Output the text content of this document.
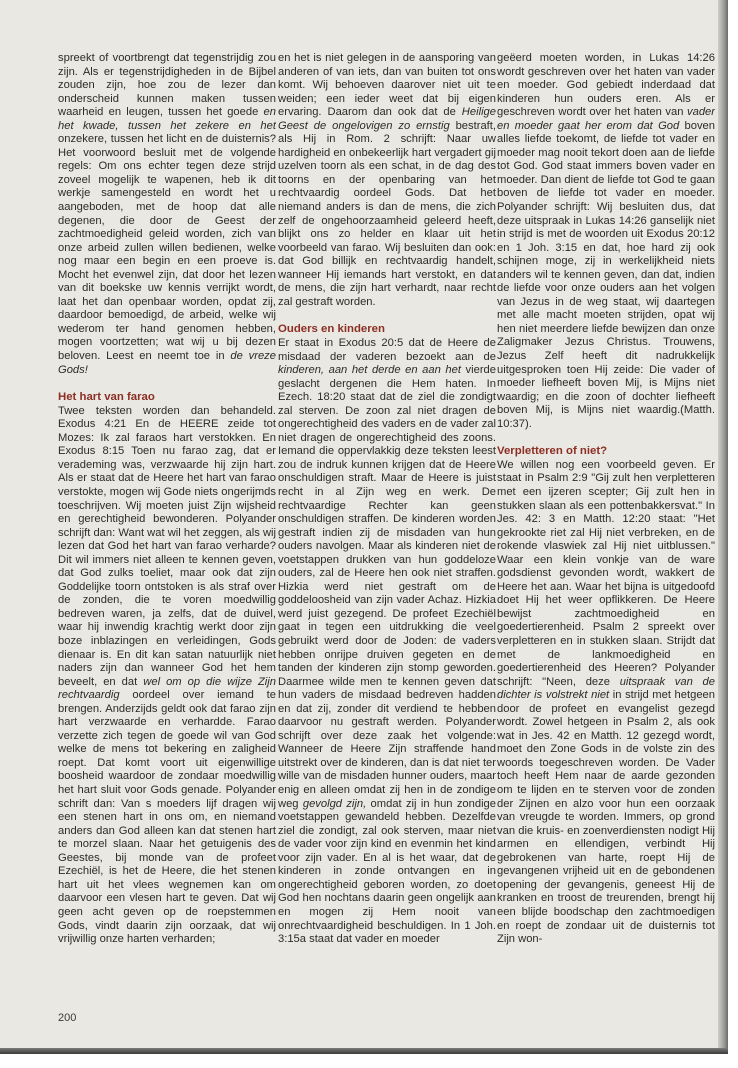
spreekt of voortbrengt dat tegenstrijdig zou zijn. Als er tegenstrijdigheden in de Bijbel zouden zijn, hoe zou de lezer dan onderscheid kunnen maken tussen waarheid en leugen, tussen het goede en het kwade, tussen het zekere en het onzekere, tussen het licht en de duisternis? Het voorwoord besluit met de volgende regels: Om ons echter tegen deze strijd zoveel mogelijk te wapenen, heb ik dit werkje samengesteld en wordt het u aangeboden, met de hoop dat alle degenen, die door de Geest der zachtmoedigheid geleid worden, zich van onze arbeid zullen willen bedienen, welke nog maar een begin en een proeve is. Mocht het evenwel zijn, dat door het lezen van dit boekske uw kennis verrijkt wordt, laat het dan openbaar worden, opdat zij, daardoor bemoedigd, de arbeid, welke wij wederom ter hand genomen hebben, mogen voortzetten; wat wij u bij dezen beloven. Leest en neemt toe in de vreze Gods!

Het hart van farao

Twee teksten worden dan behandeld. Exodus 4:21 En de HEERE zeide tot Mozes: Ik zal faraos hart verstokken. En Exodus 8:15 Toen nu farao zag, dat er verademing was, verzwaarde hij zijn hart. Als er staat dat de Heere het hart van farao verstokte, mogen wij Gode niets ongerijmds toeschrijven. Wij moeten juist Zijn wijsheid en gerechtigheid bewonderen. Polyander schrijft dan: Want wat wil het zeggen, als wij lezen dat God het hart van farao verharde? Dit wil immers niet alleen te kennen geven, dat God zulks toeliet, maar ook dat zijn Goddelijke toorn ontstoken is als straf over de zonden, die te voren moedwillig bedreven waren, ja zelfs, dat de duivel, waar hij inwendig krachtig werkt door zijn boze inblazingen en verleidingen, Gods dienaar is. En dit kan satan natuurlijk niet naders zijn dan wanneer God het hem beveelt, en dat wel om op die wijze Zijn rechtvaardig oordeel over iemand te brengen. Anderzijds geldt ook dat farao zijn hart verzwaarde en verhardde. Farao verzette zich tegen de goede wil van God welke de mens tot bekering en zaligheid roept. Dat komt voort uit eigenwillige boosheid waardoor de zondaar moedwillig het hart sluit voor Gods genade. Polyander schrift dan: Van s moeders lijf dragen wij een stenen hart in ons om, en niemand anders dan God alleen kan dat stenen hart te morzel slaan. Naar het getuigenis des Geestes, bij monde van de profeet Ezechiël, is het de Heere, die het stenen hart uit het vlees wegnemen kan om daarvoor een vlesen hart te geven. Dat wij geen acht geven op de roepstemmen Gods, vindt daarin zijn oorzaak, dat wij vrijwillig onze harten verharden;

en het is niet gelegen in de aansporing van anderen of van iets, dan van buiten tot ons komt. Wij behoeven daarover niet uit te weiden; een ieder weet dat bij eigen ervaring. Daarom dan ook dat de Heilige Geest de ongelovigen zo ernstig bestraft, als Hij in Rom. 2 schrijft: Naar uw hardigheid en onbekeerlijk hart vergadert gij uzelven toorn als een schat, in de dag des toorns en der openbaring van het rechtvaardig oordeel Gods. Dat het niemand anders is dan de mens, die zich zelf de ongehoorzaamheid geleerd heeft, blijkt ons zo helder en klaar uit het voorbeeld van farao. Wij besluiten dan ook: dat God billijk en rechtvaardig handelt, wanneer Hij iemands hart verstokt, en dat de mens, die zijn hart verhardt, naar recht zal gestraft worden.

Ouders en kinderen

Er staat in Exodus 20:5 dat de Heere de misdaad der vaderen bezoekt aan de kinderen, aan het derde en aan het vierde geslacht dergenen die Hem haten. In Ezech. 18:20 staat dat de ziel die zondigt zal sterven. De zoon zal niet dragen de ongerechtigheid des vaders en de vader zal niet dragen de ongerechtigheid des zoons. Iemand die oppervlakkig deze teksten leest zou de indruk kunnen krijgen dat de Heere onschuldigen straft. Maar de Heere is juist recht in al Zijn weg en werk. De rechtvaardige Rechter kan geen onschuldigen straffen. De kinderen worden gestraft indien zij de misdaden van hun ouders navolgen. Maar als kinderen niet de voetstappen drukken van hun goddeloze ouders, zal de Heere hen ook niet straffen. Hizkia werd niet gestraft om de goddeloosheid van zijn vader Achaz. Hizkia werd juist gezegend. De profeet Ezechiël gaat in tegen een uitdrukking die veel gebruikt werd door de Joden: de vaders hebben onrijpe druiven gegeten en de tanden der kinderen zijn stomp geworden. Daarmee wilde men te kennen geven dat hun vaders de misdaad bedreven hadden en dat zij, zonder dit verdiend te hebben daarvoor nu gestraft werden. Polyander schrijft over deze zaak het volgende: Wanneer de Heere Zijn straffende hand uitstrekt over de kinderen, dan is dat niet ter wille van de misdaden hunner ouders, maar enig en alleen omdat zij hen in de zondige weg gevolgd zijn, omdat zij in hun zondige voetstappen gewandeld hebben. Dezelfde ziel die zondigt, zal ook sterven, maar niet de vader voor zijn kind en evenmin het kind voor zijn vader. En al is het waar, dat de kinderen in zonde ontvangen en in ongerechtigheid geboren worden, zo doet God hen nochtans daarin geen ongelijk aan en mogen zij Hem nooit van onrechtvaardigheid beschuldigen. In 1 Joh. 3:15a staat dat vader en moeder

geëerd moeten worden, in Lukas 14:26 wordt geschreven over het haten van vader en moeder. God gebiedt inderdaad dat kinderen hun ouders eren. Als er geschreven wordt over het haten van vader en moeder gaat her erom dat God boven alles liefde toekomt, de liefde tot vader en moeder mag nooit tekort doen aan de liefde tot God. God staat immers boven vader en moeder. Dan dient de liefde tot God te gaan boven de liefde tot vader en moeder. Polyander schrijft: Wij besluiten dus, dat deze uitspraak in Lukas 14:26 ganselijk niet in strijd is met de woorden uit Exodus 20:12 en 1 Joh. 3:15 en dat, hoe hard zij ook schijnen moge, zij in werkelijkheid niets anders wil te kennen geven, dan dat, indien de liefde voor onze ouders aan het volgen van Jezus in de weg staat, wij daartegen met alle macht moeten strijden, opat wij hen niet meerdere liefde bewijzen dan onze Zaligmaker Jezus Christus. Trouwens, Jezus Zelf heeft dit nadrukkelijk uitgesproken toen Hij zeide: Die vader of moeder liefheeft boven Mij, is Mijns niet waardig; en die zoon of dochter liefheeft boven Mij, is Mijns niet waardig.(Matth. 10:37).

Verpletteren of niet?

We willen nog een voorbeeld geven. Er staat in Psalm 2:9 "Gij zult hen verpletteren met een ijzeren scepter; Gij zult hen in stukken slaan als een pottenbakkersvat." In Jes. 42: 3 en Matth. 12:20 staat: "Het gekrookte riet zal Hij niet verbreken, en de rokende vlaswiek zal Hij niet uitblussen." Waar een klein vonkje van de ware godsdienst gevonden wordt, wakkert de Heere het aan. Waar het bijna is uitgedoofd doet Hij het weer opflikkeren. De Heere bewijst zachtmoedigheid en goedertierenheid. Psalm 2 spreekt over verpletteren en in stukken slaan. Strijdt dat met de lankmoedigheid en goedertierenheid des Heeren? Polyander schrijft: "Neen, deze uitspraak van de dichter is volstrekt niet in strijd met hetgeen door de profeet en evangelist gezegd wordt. Zowel hetgeen in Psalm 2, als ook wat in Jes. 42 en Matth. 12 gezegd wordt, moet den Zone Gods in de volste zin des woords toegeschreven worden. De Vader toch heeft Hem naar de aarde gezonden om te lijden en te sterven voor de zonden der Zijnen en alzo voor hun een oorzaak van vreugde te worden. Immers, op grond van die kruis- en zoenverdiensten nodigt Hij armen en ellendigen, verbindt Hij gebrokenen van harte, roept Hij de gevangenen vrijheid uit en de gebondenen opening der gevangenis, geneest Hij de kranken en troost de treurenden, brengt hij een blijde boodschap den zachtmoedigen en roept de zondaar uit de duisternis tot Zijn won-

200
